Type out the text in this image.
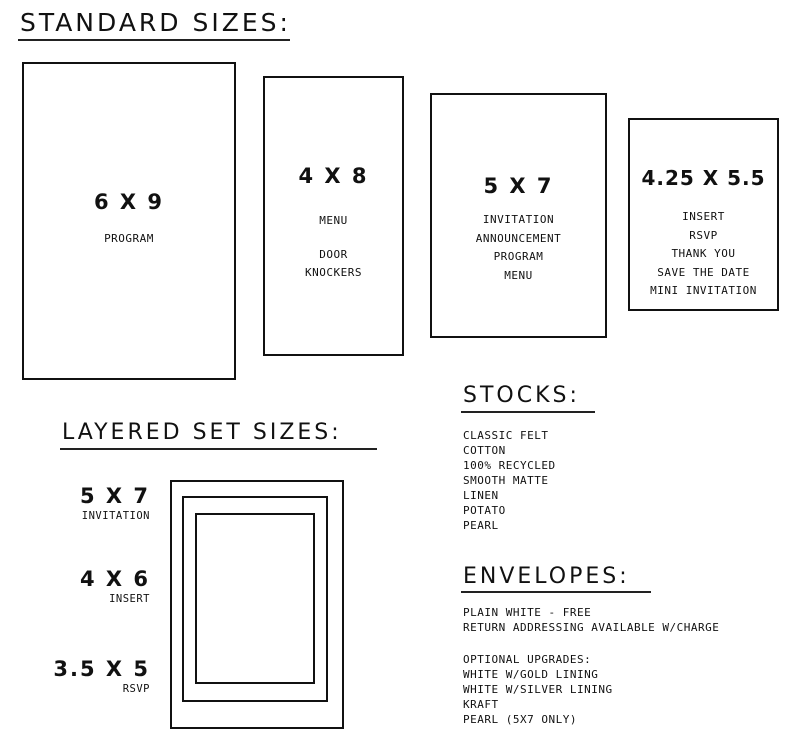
STANDARD SIZES:
6 X 9
PROGRAM
4 X 8
MENU
DOOR
KNOCKERS
5 X 7
INVITATION
ANNOUNCEMENT
PROGRAM
MENU
4.25 X 5.5
INSERT
RSVP
THANK YOU
SAVE THE DATE
MINI INVITATION
LAYERED SET SIZES:
5 X 7
INVITATION
4 X 6
INSERT
3.5 X 5
RSVP
STOCKS:
CLASSIC FELT
COTTON
100% RECYCLED
SMOOTH MATTE
LINEN
POTATO
PEARL
ENVELOPES:
PLAIN WHITE - FREE
RETURN ADDRESSING AVAILABLE W/CHARGE
OPTIONAL UPGRADES:
WHITE W/GOLD LINING
WHITE W/SILVER LINING
KRAFT
PEARL (5X7 ONLY)
